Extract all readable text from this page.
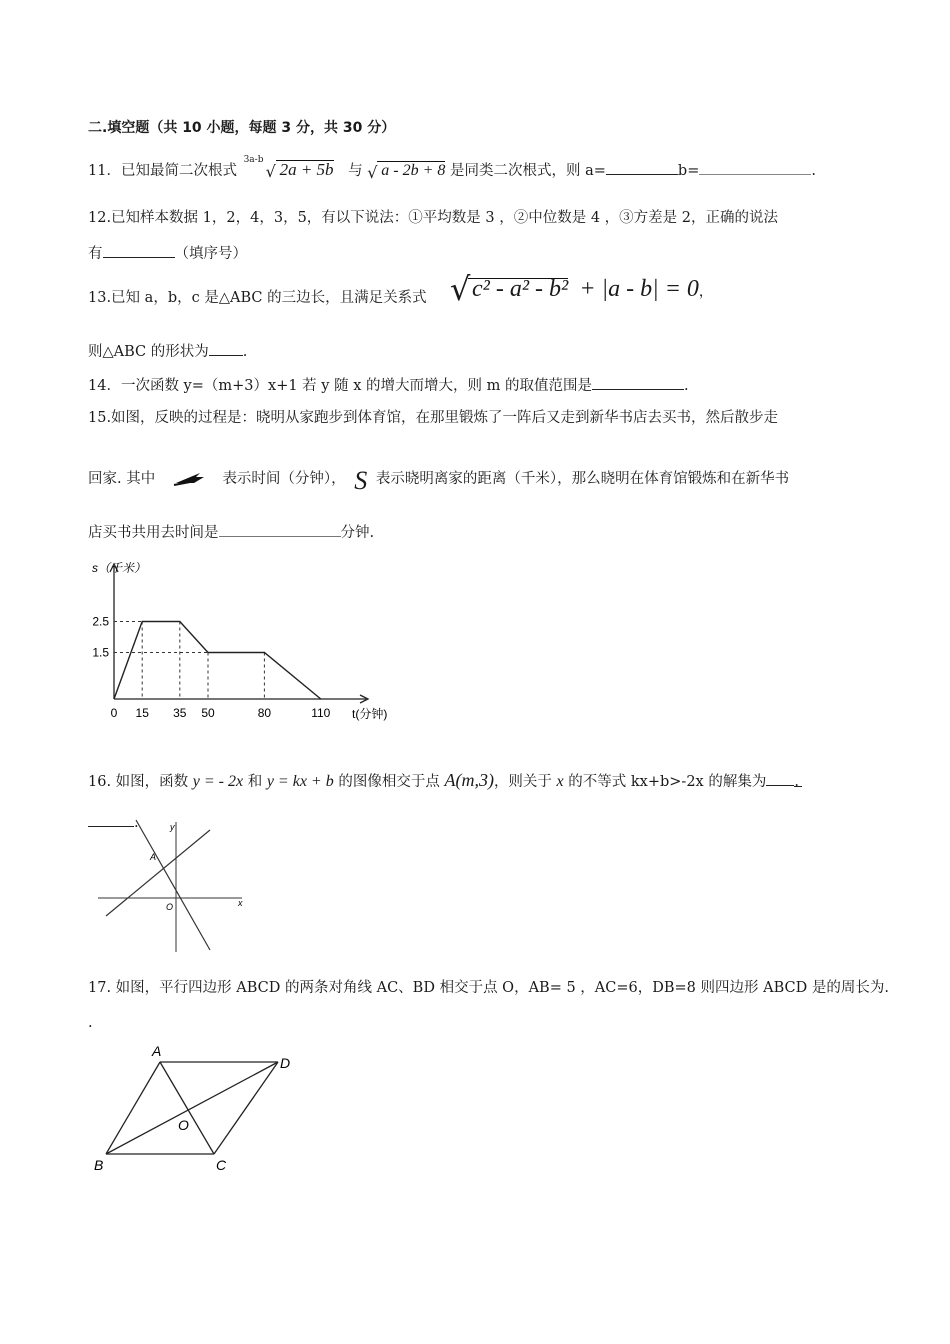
二.填空题（共 10 小题，每题 3 分，共 30 分）
11．已知最简二次根式
3a-b
√ 2a + 5b 与 √ a - 2b + 8 是同类二次根式，则 a=	b=	.
12.已知样本数据 1，2，4，3，5，有以下说法：①平均数是 3 ，②中位数是 4 ，③方差是 2，正确的说法
有	（填序号）
13.已知 a，b，c 是△ABC 的三边长，且满足关系式 √ c² - a² - b² + |a - b| = 0，
则△ABC 的形状为 .
14．一次函数 y=（m+3）x+1 若 y 随 x 的增大而增大，则 m 的取值范围是	.
15.如图，反映的过程是：晓明从家跑步到体育馆，在那里锻炼了一阵后又走到新华书店去买书，然后散步走
回家. 其中	表示时间（分钟）， S 表示晓明离家的距离（千米），那么晓明在体育馆锻炼和在新华书
店买书共用去时间是	分钟.
s（千米）
t(分钟)
0 15 35 50	80	110
2.5
1.5
16. 如图，函数 y = - 2x 和 y = kx + b 的图像相交于点 A(m,3)，则关于 x 的不等式 kx+b>-2x 的解集为 .
.	y
x
O
A
17. 如图，平行四边形 ABCD 的两条对角线 AC、BD 相交于点 O，AB= 5 ，AC=6，DB=8 则四边形 ABCD 是的周长为.
.
A
B	C
D
O
